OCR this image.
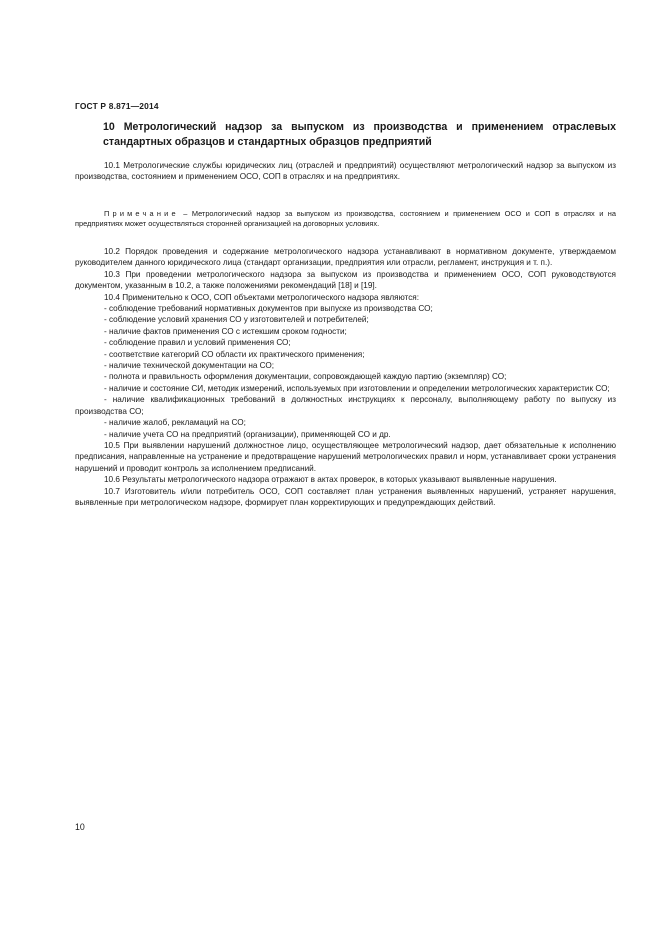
ГОСТ Р 8.871—2014
10 Метрологический надзор за выпуском из производства и применением отраслевых стандартных образцов и стандартных образцов предприятий

10.1 Метрологические службы юридических лиц (отраслей и предприятий) осуществляют метрологический надзор за выпуском из производства, состоянием и применением ОСО, СОП в отраслях и на предприятиях.

Примечание – Метрологический надзор за выпуском из производства, состоянием и применением ОСО и СОП в отраслях и на предприятиях может осуществляться сторонней организацией на договорных условиях.

10.2 Порядок проведения и содержание метрологического надзора устанавливают в нормативном документе, утверждаемом руководителем данного юридического лица (стандарт организации, предприятия или отрасли, регламент, инструкция и т. п.).

10.3 При проведении метрологического надзора за выпуском из производства и применением ОСО, СОП руководствуются документом, указанным в 10.2, а также положениями рекомендаций [18] и [19].

10.4 Применительно к ОСО, СОП объектами метрологического надзора являются:

- соблюдение требований нормативных документов при выпуске из производства СО;

- соблюдение условий хранения СО у изготовителей и потребителей;

- наличие фактов применения СО с истекшим сроком годности;

- соблюдение правил и условий применения СО;

- соответствие категорий СО области их практического применения;

- наличие технической документации на СО;

- полнота и правильность оформления документации, сопровождающей каждую партию (экземпляр) СО;

- наличие и состояние СИ, методик измерений, используемых при изготовлении и определении метрологических характеристик СО;

- наличие квалификационных требований в должностных инструкциях к персоналу, выполняющему работу по выпуску из производства СО;

- наличие жалоб, рекламаций на СО;

- наличие учета СО на предприятий (организации), применяющей СО и др.

10.5 При выявлении нарушений должностное лицо, осуществляющее метрологический надзор, дает обязательные к исполнению предписания, направленные на устранение и предотвращение нарушений метрологических правил и норм, устанавливает сроки устранения нарушений и проводит контроль за исполнением предписаний.

10.6 Результаты метрологического надзора отражают в актах проверок, в которых указывают выявленные нарушения.

10.7 Изготовитель и/или потребитель ОСО, СОП составляет план устранения выявленных нарушений, устраняет нарушения, выявленные при метрологическом надзоре, формирует план корректирующих и предупреждающих действий.

10
